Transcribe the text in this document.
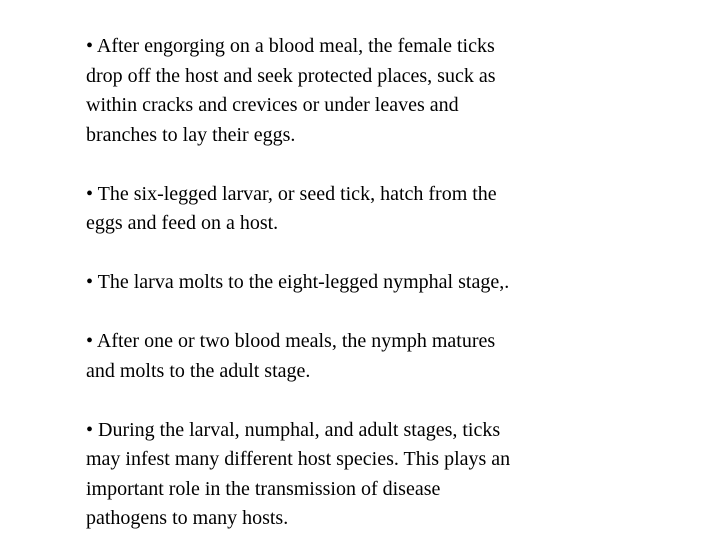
• After engorging on a blood meal, the female ticks
drop off the host and seek protected places, suck as
within cracks and crevices or under leaves and
branches to lay their eggs.
• The six-legged larvar, or seed tick, hatch from the
eggs and feed on a host.
• The larva molts to the eight-legged nymphal stage,.
• After one or two blood meals, the nymph matures
and molts to the adult stage.
• During the larval, numphal, and adult stages, ticks
may infest many different host species. This plays an
important role in the transmission of disease
pathogens to many hosts.
